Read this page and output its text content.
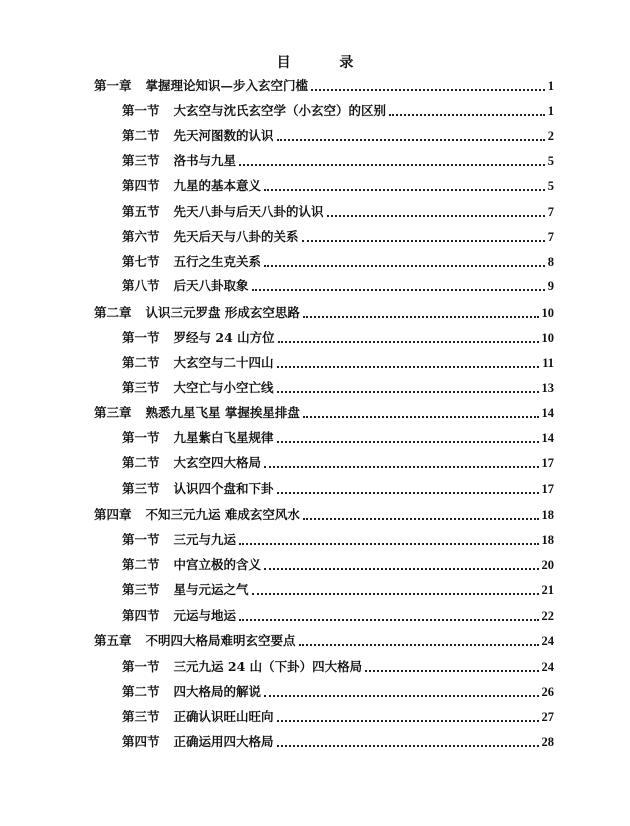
目 录
第一章	掌握理论知识—步入玄空门槛	1
第一节	大玄空与沈氏玄空学（小玄空）的区别	1
第二节	先天河图数的认识	2
第三节	洛书与九星	5
第四节	九星的基本意义	5
第五节	先天八卦与后天八卦的认识	7
第六节	先天后天与八卦的关系	7
第七节	五行之生克关系	8
第八节	后天八卦取象	9
第二章	认识三元罗盘 形成玄空思路	10
第一节	罗经与 24 山方位	10
第二节	大玄空与二十四山	11
第三节	大空亡与小空亡线	13
第三章	熟悉九星飞星 掌握挨星排盘	14
第一节	九星紫白飞星规律	14
第二节	大玄空四大格局	17
第三节	认识四个盘和下卦	17
第四章	不知三元九运 难成玄空风水	18
第一节	三元与九运	18
第二节	中宫立极的含义	20
第三节	星与元运之气	21
第四节	元运与地运	22
第五章	不明四大格局难明玄空要点	24
第一节	三元九运 24 山（下卦）四大格局	24
第二节	四大格局的解说	26
第三节	正确认识旺山旺向	27
第四节	正确运用四大格局	28
